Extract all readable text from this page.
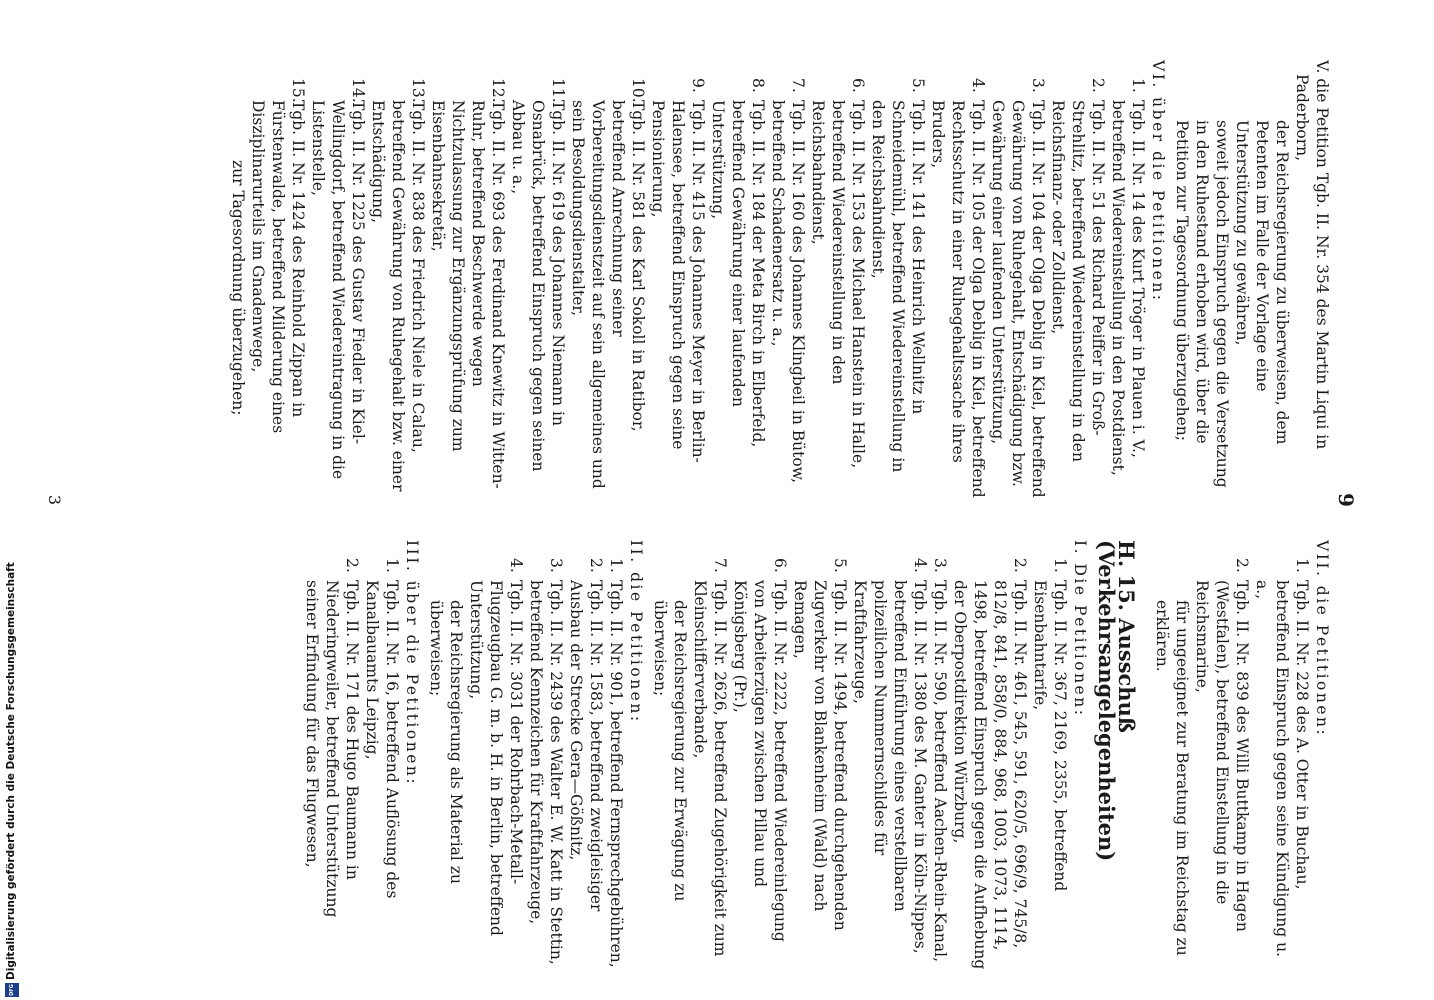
9
V. die Petition Tgb. II. Nr. 354 des Martin Liqui in Paderborn,
der Reichsregierung zu überweisen, dem Petenten im Falle der Vorlage eine Unterstützung zu gewähren,
soweit jedoch Einspruch gegen die Versetzung in den Ruhestand erhoben wird, über die Petition zur Tagesordnung überzugehen;
VI. über die Petitionen:

1.Tgb. II. Nr. 14 des Kurt Tröger in Plauen i. V., betreffend Wiedereinstellung in den Postdienst,

2.Tgb. II. Nr. 51 des Richard Peiffer in Groß-Strehlitz, betreffend Wiedereinstellung in den Reichsfinanz- oder Zolldienst,

3.Tgb. II. Nr. 104 der Olga Deblig in Kiel, betreffend Gewährung von Ruhegehalt, Entschädigung bzw. Gewährung einer laufenden Unterstützung,

4.Tgb. II. Nr. 105 der Olga Deblig in Kiel, betreffend Rechtsschutz in einer Ruhegehaltssache ihres Bruders,

5.Tgb. II. Nr. 141 des Heinrich Wellnitz in Schneidemühl, betreffend Wiedereinstellung in den Reichsbahndienst,

6.Tgb. II. Nr. 153 des Michael Hanstein in Halle, betreffend Wiedereinstellung in den Reichsbahndienst,

7.Tgb. II. Nr. 160 des Johannes Klingbeil in Bütow, betreffend Schadenersatz u. a.,

8.Tgb. II. Nr. 184 der Meta Birch in Elberfeld, betreffend Gewährung einer laufenden Unterstützung,

9.Tgb. II. Nr. 415 des Johannes Meyer in Berlin-Halensee, betreffend Einspruch gegen seine Pensionierung,

10.Tgb. II. Nr. 581 des Karl Sokoll in Ratibor, betreffend Anrechnung seiner Vorbereitungsdienstzeit auf sein allgemeines und sein Besoldungsdienstalter,

11.Tgb. II. Nr. 619 des Johannes Niemann in Osnabrück, betreffend Einspruch gegen seinen Abbau u. a.,

12.Tgb. II. Nr. 693 des Ferdinand Knewitz in Witten-Ruhr, betreffend Beschwerde wegen Nichtzulassung zur Ergänzungsprüfung zum Eisenbahnsekretär,

13.Tgb. II. Nr. 838 des Friedrich Niele in Calau, betreffend Gewährung von Ruhegehalt bzw. einer Entschädigung,

14.Tgb. II. Nr. 1225 des Gustav Fiedler in Kiel-Wellingdorf, betreffend Wiedereintragung in die Listenstelle,

15.Tgb. II. Nr. 1424 des Reinhold Zippan in Fürstenwalde, betreffend Milderung eines Disziplinarurteils im Gnadenwege,

zur Tagesordnung überzugehen;
VII. die Petitionen:

1.Tgb. II. Nr. 228 des A. Otter in Buchau, betreffend Einspruch gegen seine Kündigung u. a.,

2.Tgb. II. Nr. 839 des Willi Buttkamp in Hagen (Westfalen), betreffend Einstellung in die Reichsmarine,

für ungeeignet zur Beratung im Reichstag zu erklären.
H. 15. Ausschuß (Verkehrsangelegenheiten)
I. Die Petitionen:

1.Tgb. II. Nr. 367, 2169, 2355, betreffend Eisenbahntarife,

2.Tgb. II. Nr. 461, 545, 591, 620/5, 696/9, 745/8, 812/8, 841, 858/0, 884, 968, 1003, 1073, 1114, 1498, betreffend Einspruch gegen die Aufhebung der Oberpostdirektion Würzburg,

3.Tgb. II. Nr. 590, betreffend Aachen-Rhein-Kanal,

4.Tgb. II. Nr. 1380 des M. Ganter in Köln-Nippes, betreffend Einführung eines verstellbaren polizeilichen Nummernschildes für Kraftfahrzeuge,

5.Tgb. II. Nr. 1494, betreffend durchgehenden Zugverkehr von Blankenheim (Wald) nach Remagen,

6.Tgb. II. Nr. 2222, betreffend Wiedereinlegung von Arbeiterzügen zwischen Pillau und Königsberg (Pr.),

7.Tgb. II. Nr. 2626, betreffend Zugehörigkeit zum Kleinschifferverbande,

der Reichsregierung zur Erwägung zu überweisen;
II. die Petitionen:

1.Tgb. II. Nr. 901, betreffend Fernsprechgebühren,

2.Tgb. II. Nr. 1583, betreffend zweigleisiger Ausbau der Strecke Gera—Gößnitz,

3.Tgb. II. Nr. 2439 des Walter E. W. Katt in Stettin, betreffend Kennzeichen für Kraftfahrzeuge,

4.Tgb. II. Nr. 3031 der Rohrbach-Metall-Flugzeugbau G. m. b. H. in Berlin, betreffend Unterstützung,

der Reichsregierung als Material zu überweisen;
III. über die Petitionen:

1.Tgb. II. Nr. 16, betreffend Auflösung des Kanalbauamts Leipzig,

2.Tgb. II. Nr. 171 des Hugo Baumann in Niederingweiler, betreffend Unterstützung seiner Erfindung für das Flugwesen,

3
DFG
Digitalisierung gefördert durch die Deutsche Forschungsgemeinschaft
